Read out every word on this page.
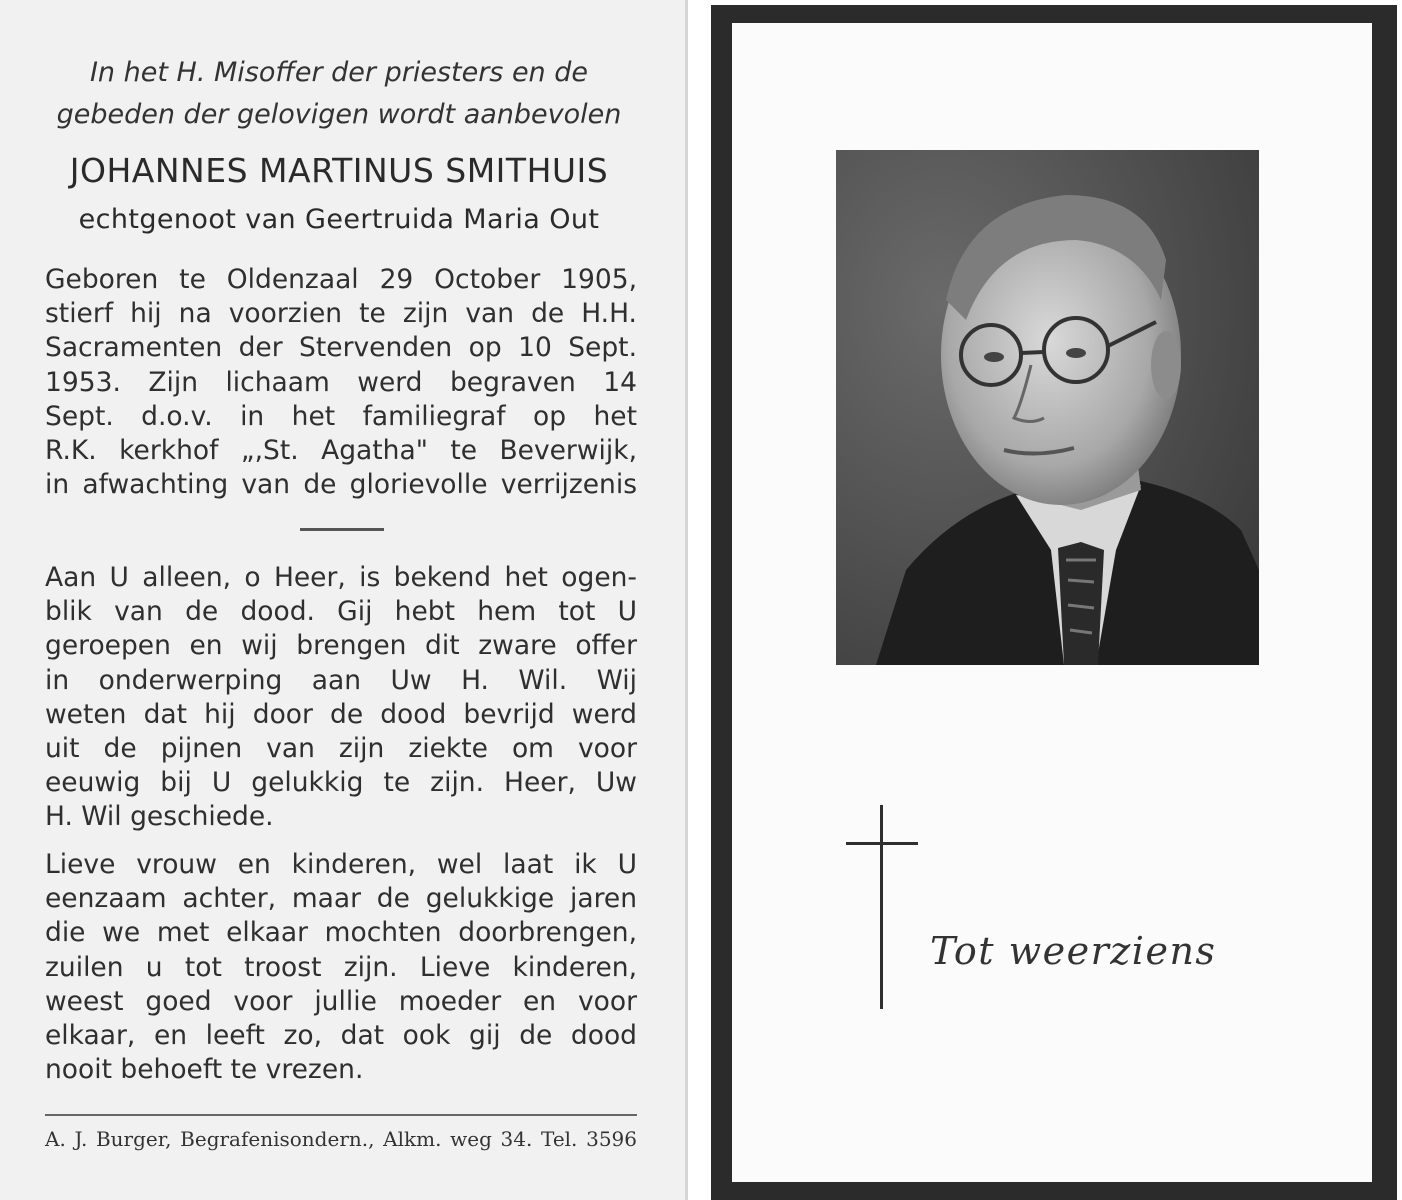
In het H. Misoffer der priesters en de
gebeden der gelovigen wordt aanbevolen
JOHANNES MARTINUS SMITHUIS
echtgenoot van Geertruida Maria Out
Geboren te Oldenzaal 29 October 1905,
stierf hij na voorzien te zijn van de H.H.
Sacramenten der Stervenden op 10 Sept.
1953. Zijn lichaam werd begraven 14
Sept. d.o.v. in het familiegraf op het
R.K. kerkhof „,St. Agatha" te Beverwijk,
in afwachting van de glorievolle verrijzenis
Aan U alleen, o Heer, is bekend het ogen-
blik van de dood. Gij hebt hem tot U
geroepen en wij brengen dit zware offer
in onderwerping aan Uw H. Wil. Wij
weten dat hij door de dood bevrijd werd
uit de pijnen van zijn ziekte om voor
eeuwig bij U gelukkig te zijn. Heer, Uw
H. Wil geschiede.
Lieve vrouw en kinderen, wel laat ik U
eenzaam achter, maar de gelukkige jaren
die we met elkaar mochten doorbrengen,
zuilen u tot troost zijn. Lieve kinderen,
weest goed voor jullie moeder en voor
elkaar, en leeft zo, dat ook gij de dood
nooit behoeft te vrezen.
A. J. Burger, Begrafenisondern., Alkm. weg 34. Tel. 3596
Tot weerziens
